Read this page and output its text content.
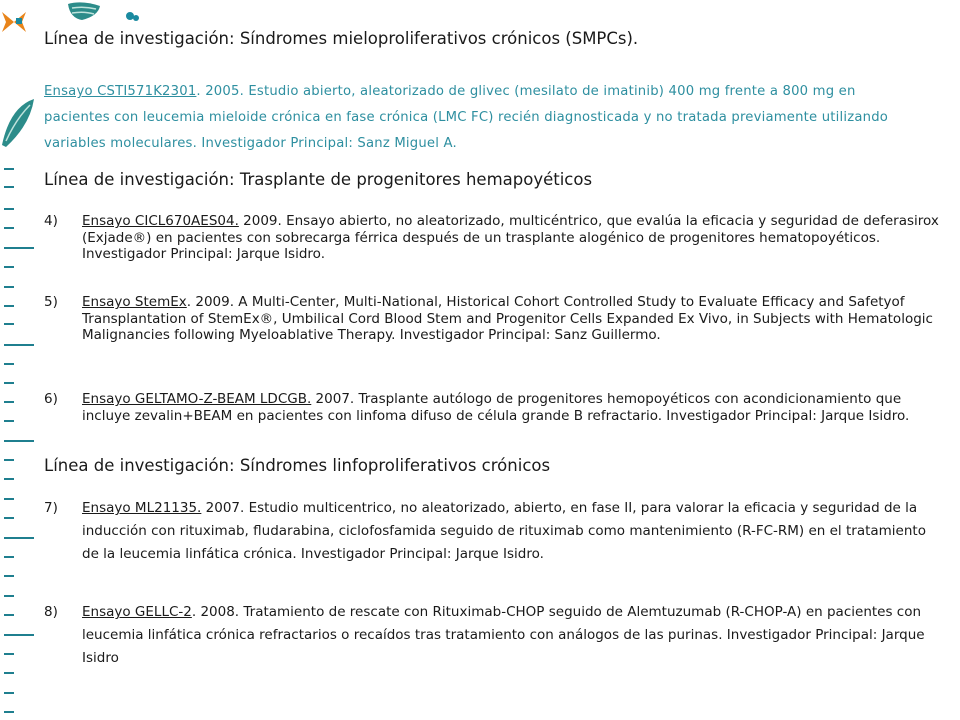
Línea de investigación: Síndromes mieloproliferativos crónicos (SMPCs).
Ensayo CSTI571K2301. 2005. Estudio abierto, aleatorizado de glivec (mesilato de imatinib) 400 mg frente a 800 mg en pacientes con leucemia mieloide crónica en fase crónica (LMC FC) recién diagnosticada y no tratada previamente utilizando variables moleculares. Investigador Principal: Sanz Miguel A.
Línea de investigación: Trasplante de progenitores hemapoyéticos
4)	Ensayo CICL670AES04. 2009. Ensayo abierto, no aleatorizado, multicéntrico, que evalúa la eficacia y seguridad de deferasirox (Exjade®) en pacientes con sobrecarga férrica después de un trasplante alogénico de progenitores hematopoyéticos. Investigador Principal: Jarque Isidro.
5)	Ensayo StemEx. 2009. A Multi-Center, Multi-National, Historical Cohort Controlled Study to Evaluate Efficacy and Safetyof Transplantation of StemEx®, Umbilical Cord Blood Stem and Progenitor Cells Expanded Ex Vivo, in Subjects with Hematologic Malignancies following Myeloablative Therapy. Investigador Principal: Sanz Guillermo.
6)	Ensayo GELTAMO-Z-BEAM LDCGB. 2007. Trasplante autólogo de progenitores hemopoyéticos con acondicionamiento que incluye zevalin+BEAM en pacientes con linfoma difuso de célula grande B refractario. Investigador Principal: Jarque Isidro.
Línea de investigación: Síndromes linfoproliferativos crónicos
7)	Ensayo ML21135. 2007. Estudio multicentrico, no aleatorizado, abierto, en fase II, para valorar la eficacia y seguridad de la inducción con rituximab, fludarabina, ciclofosfamida seguido de rituximab como mantenimiento (R-FC-RM) en el tratamiento de la leucemia linfática crónica. Investigador Principal: Jarque Isidro.
8)	Ensayo GELLC-2. 2008. Tratamiento de rescate con Rituximab-CHOP seguido de Alemtuzumab (R-CHOP-A) en pacientes con leucemia linfática crónica refractarios o recaídos tras tratamiento con análogos de las purinas. Investigador Principal: Jarque Isidro
